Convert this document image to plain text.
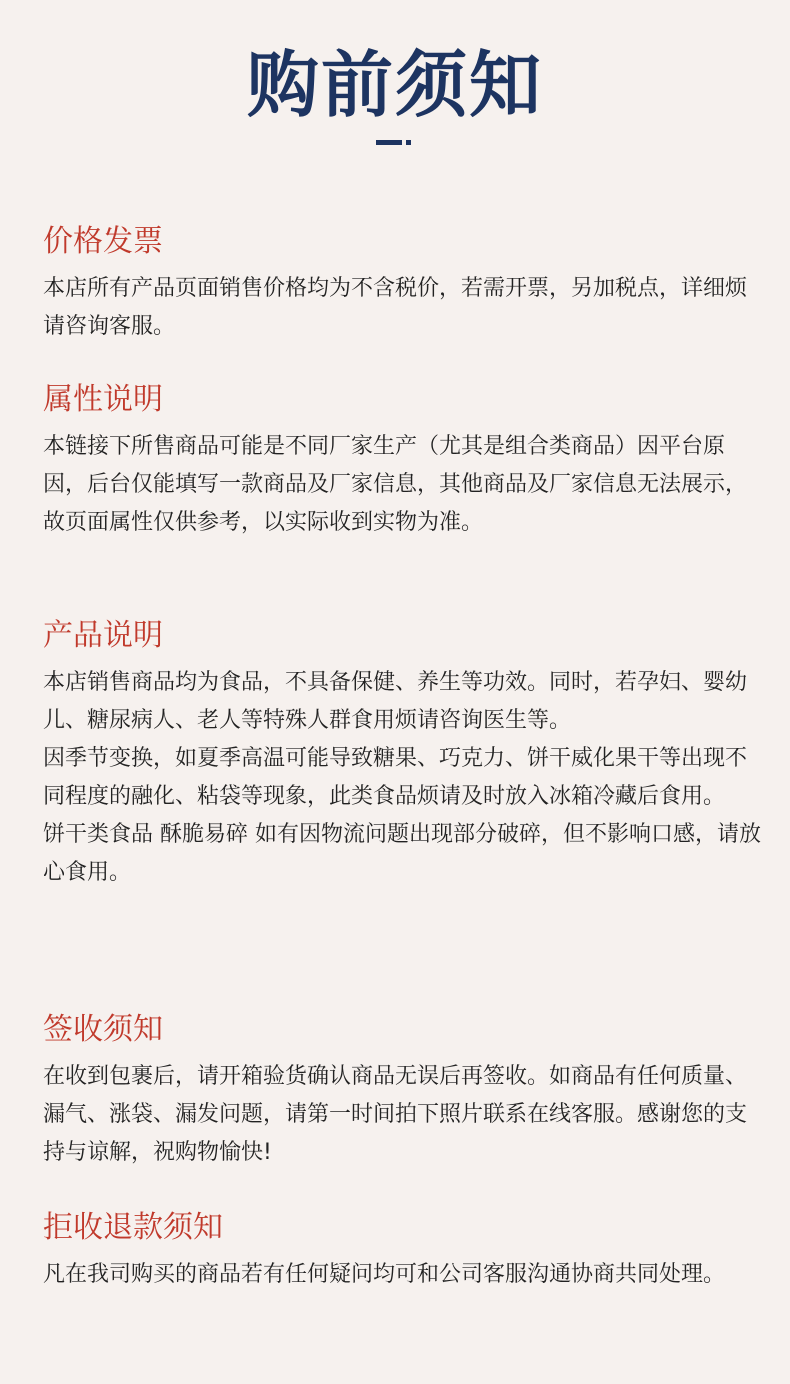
购前须知
价格发票

本店所有产品页面销售价格均为不含税价，若需开票，另加税点，详细烦请咨询客服。

属性说明

本链接下所售商品可能是不同厂家生产（尤其是组合类商品）因平台原因，后台仅能填写一款商品及厂家信息，其他商品及厂家信息无法展示，故页面属性仅供参考，以实际收到实物为准。

产品说明

本店销售商品均为食品，不具备保健、养生等功效。同时，若孕妇、婴幼儿、糖尿病人、老人等特殊人群食用烦请咨询医生等。

因季节变换，如夏季高温可能导致糖果、巧克力、饼干威化果干等出现不同程度的融化、粘袋等现象，此类食品烦请及时放入冰箱冷藏后食用。

饼干类食品 酥脆易碎 如有因物流问题出现部分破碎，但不影响口感，请放心食用。

签收须知

在收到包裹后，请开箱验货确认商品无误后再签收。如商品有任何质量、漏气、涨袋、漏发问题，请第一时间拍下照片联系在线客服。感谢您的支持与谅解，祝购物愉快!

拒收退款须知

凡在我司购买的商品若有任何疑问均可和公司客服沟通协商共同处理。
